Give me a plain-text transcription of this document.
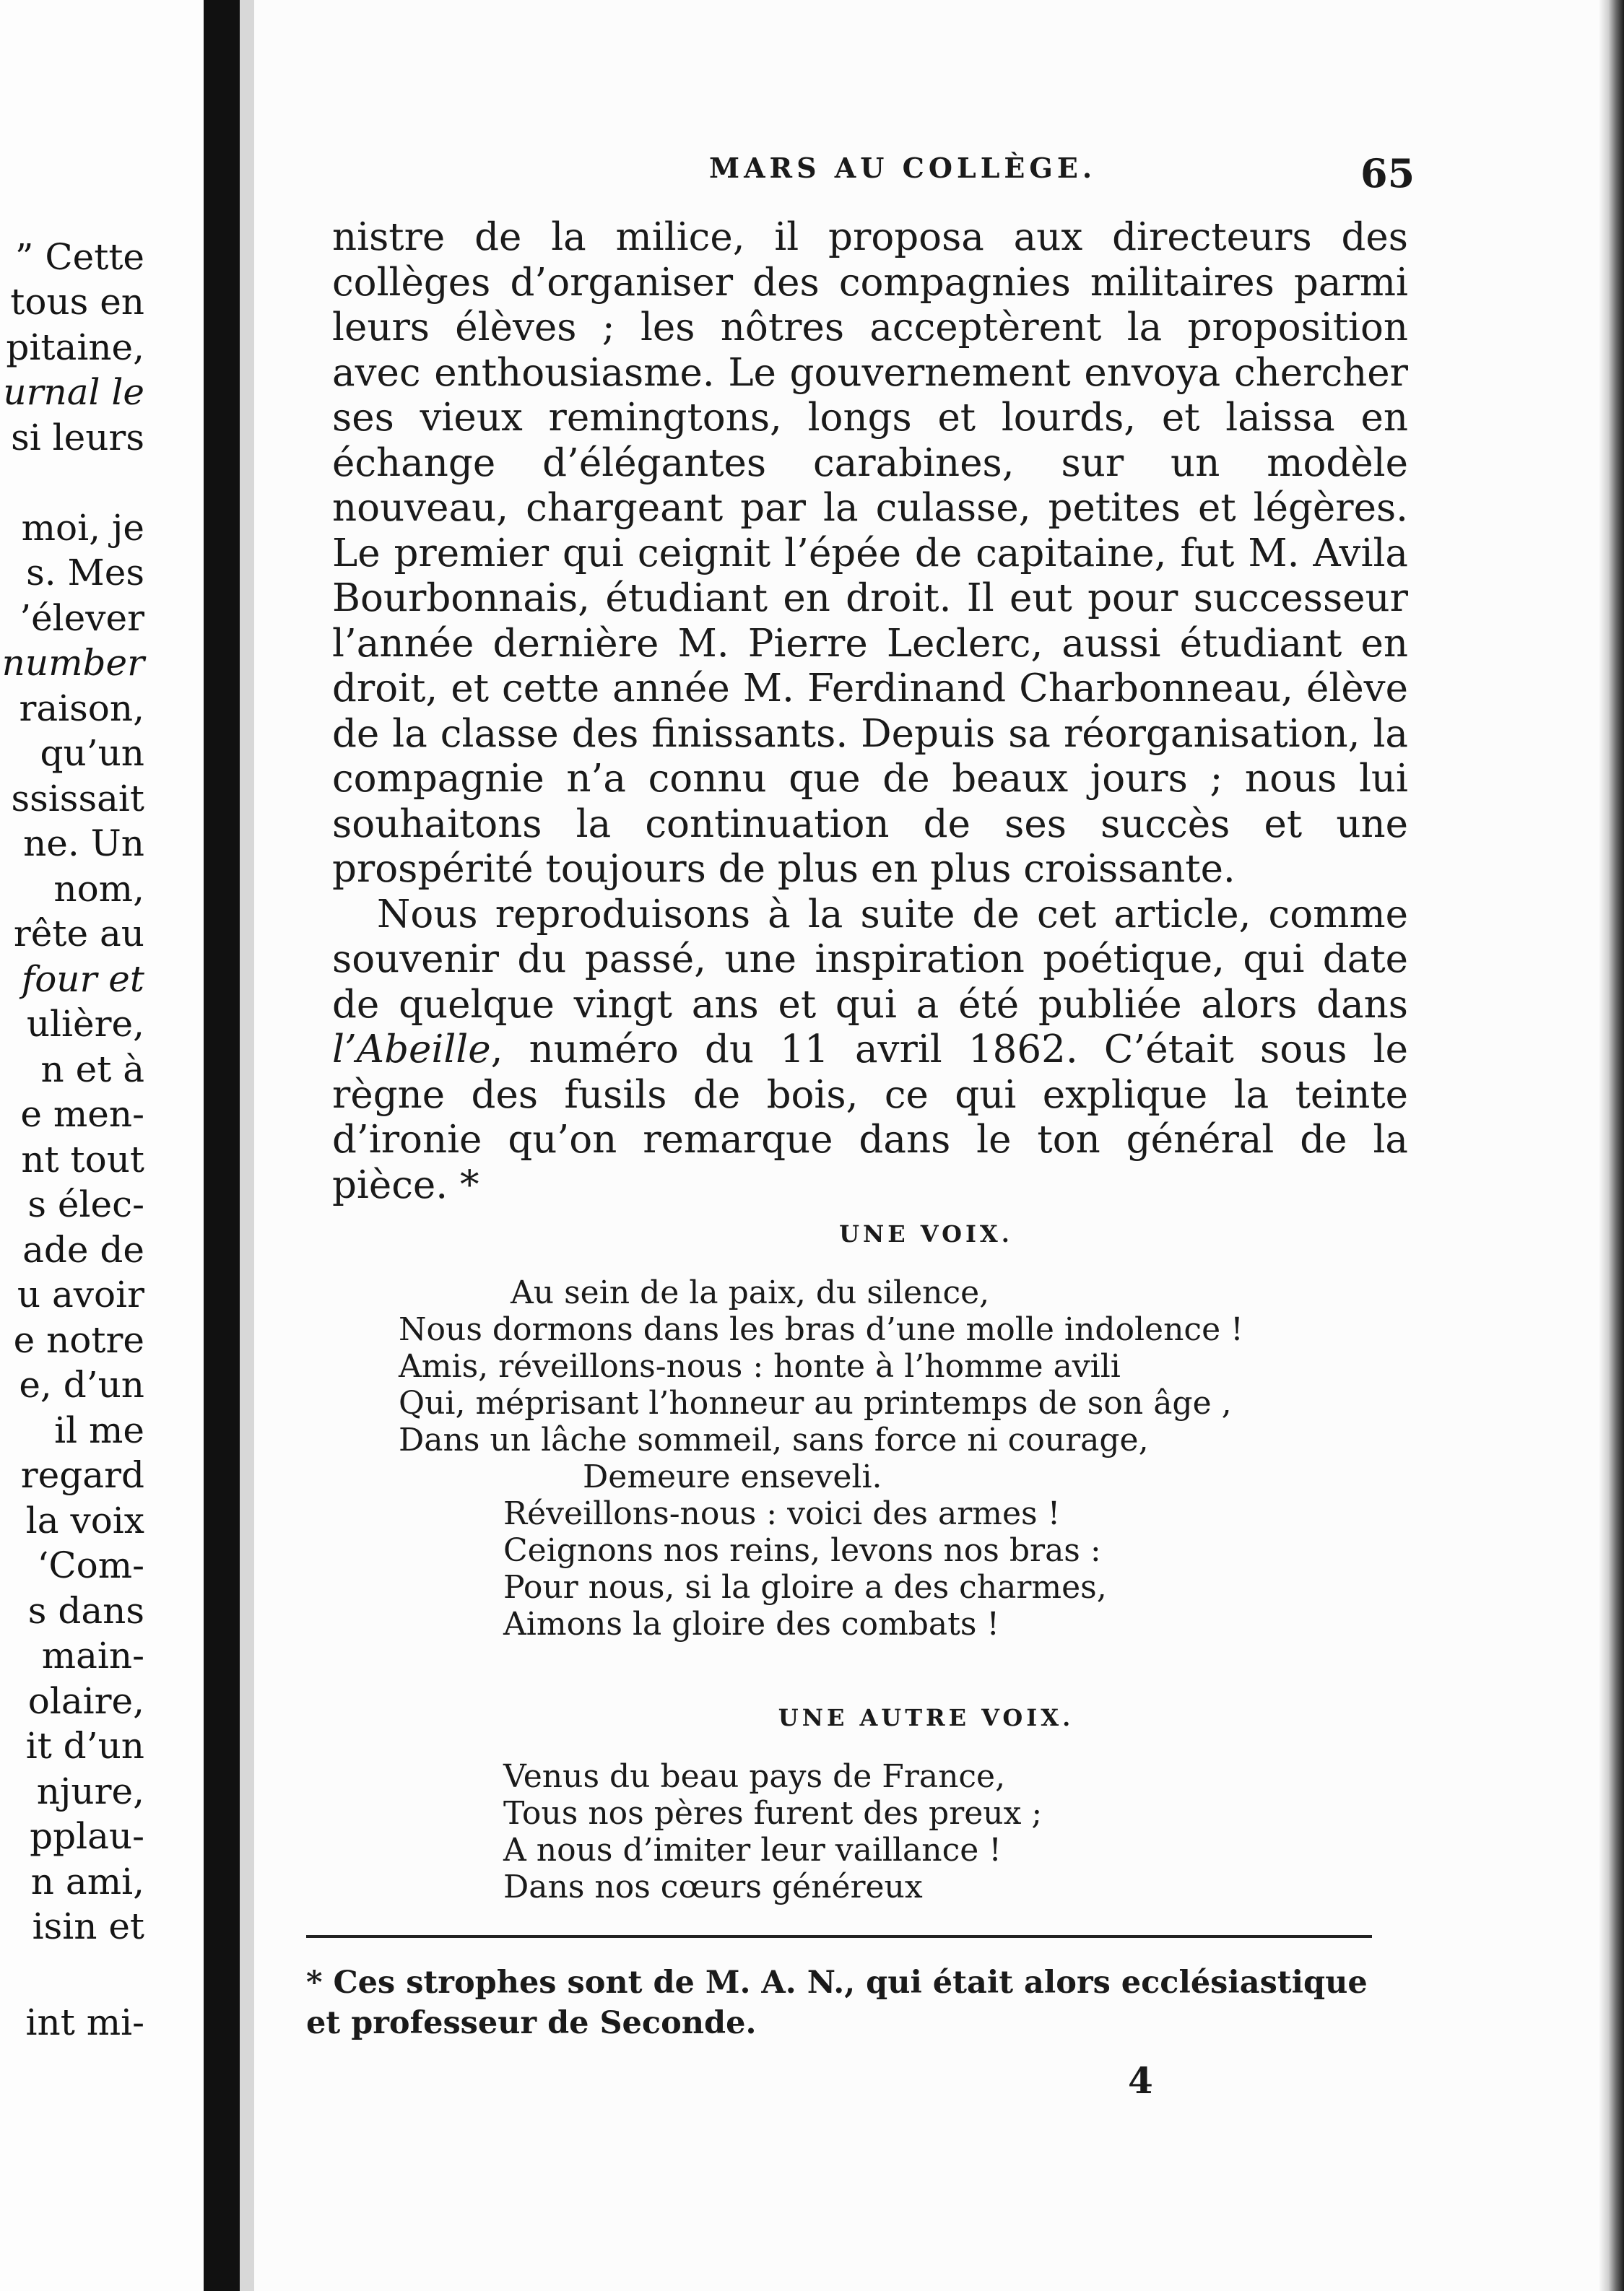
” Cette
tous en
pitaine,
urnal le
si leurs
moi, je
s. Mes
’élever
number
raison,
qu’un
ssissait
ne. Un
nom,
rête au
four et
ulière,
n et à
e men-
nt tout
s élec-
ade de
u avoir
e notre
e, d’un
il me
regard
la voix
‘Com-
s dans
main-
olaire,
it d’un
njure,
pplau-
n ami,
isin et
int mi-
MARS AU COLLÈGE.	65

nistre de la milice, il proposa aux directeurs des collèges d’organiser des compagnies militaires parmi leurs élèves ; les nôtres acceptèrent la proposition avec enthousiasme. Le gouvernement envoya chercher ses vieux remingtons, longs et lourds, et laissa en échange d’élégantes carabines, sur un modèle nouveau, chargeant par la culasse, petites et légères. Le premier qui ceignit l’épée de capitaine, fut M. Avila Bourbonnais, étudiant en droit. Il eut pour successeur l’année dernière M. Pierre Leclerc, aussi étudiant en droit, et cette année M. Ferdinand Charbonneau, élève de la classe des finissants. Depuis sa réorganisation, la compagnie n’a connu que de beaux jours ; nous lui souhaitons la continuation de ses succès et une prospérité toujours de plus en plus croissante.

Nous reproduisons à la suite de cet article, comme souvenir du passé, une inspiration poétique, qui date de quelque vingt ans et qui a été publiée alors dans l’Abeille, numéro du 11 avril 1862. C’était sous le règne des fusils de bois, ce qui explique la teinte d’ironie qu’on remarque dans le ton général de la pièce. *

UNE VOIX.
Au sein de la paix, du silence,
Nous dormons dans les bras d’une molle indolence !
Amis, réveillons-nous : honte à l’homme avili
Qui, méprisant l’honneur au printemps de son âge ,
Dans un lâche sommeil, sans force ni courage,
Demeure enseveli.
Réveillons-nous : voici des armes !
Ceignons nos reins, levons nos bras :
Pour nous, si la gloire a des charmes,
Aimons la gloire des combats !
UNE AUTRE VOIX.
Venus du beau pays de France,
Tous nos pères furent des preux ;
A nous d’imiter leur vaillance !
Dans nos cœurs généreux
* Ces strophes sont de M. A. N., qui était alors ecclésiastique et professeur de Seconde.
4
